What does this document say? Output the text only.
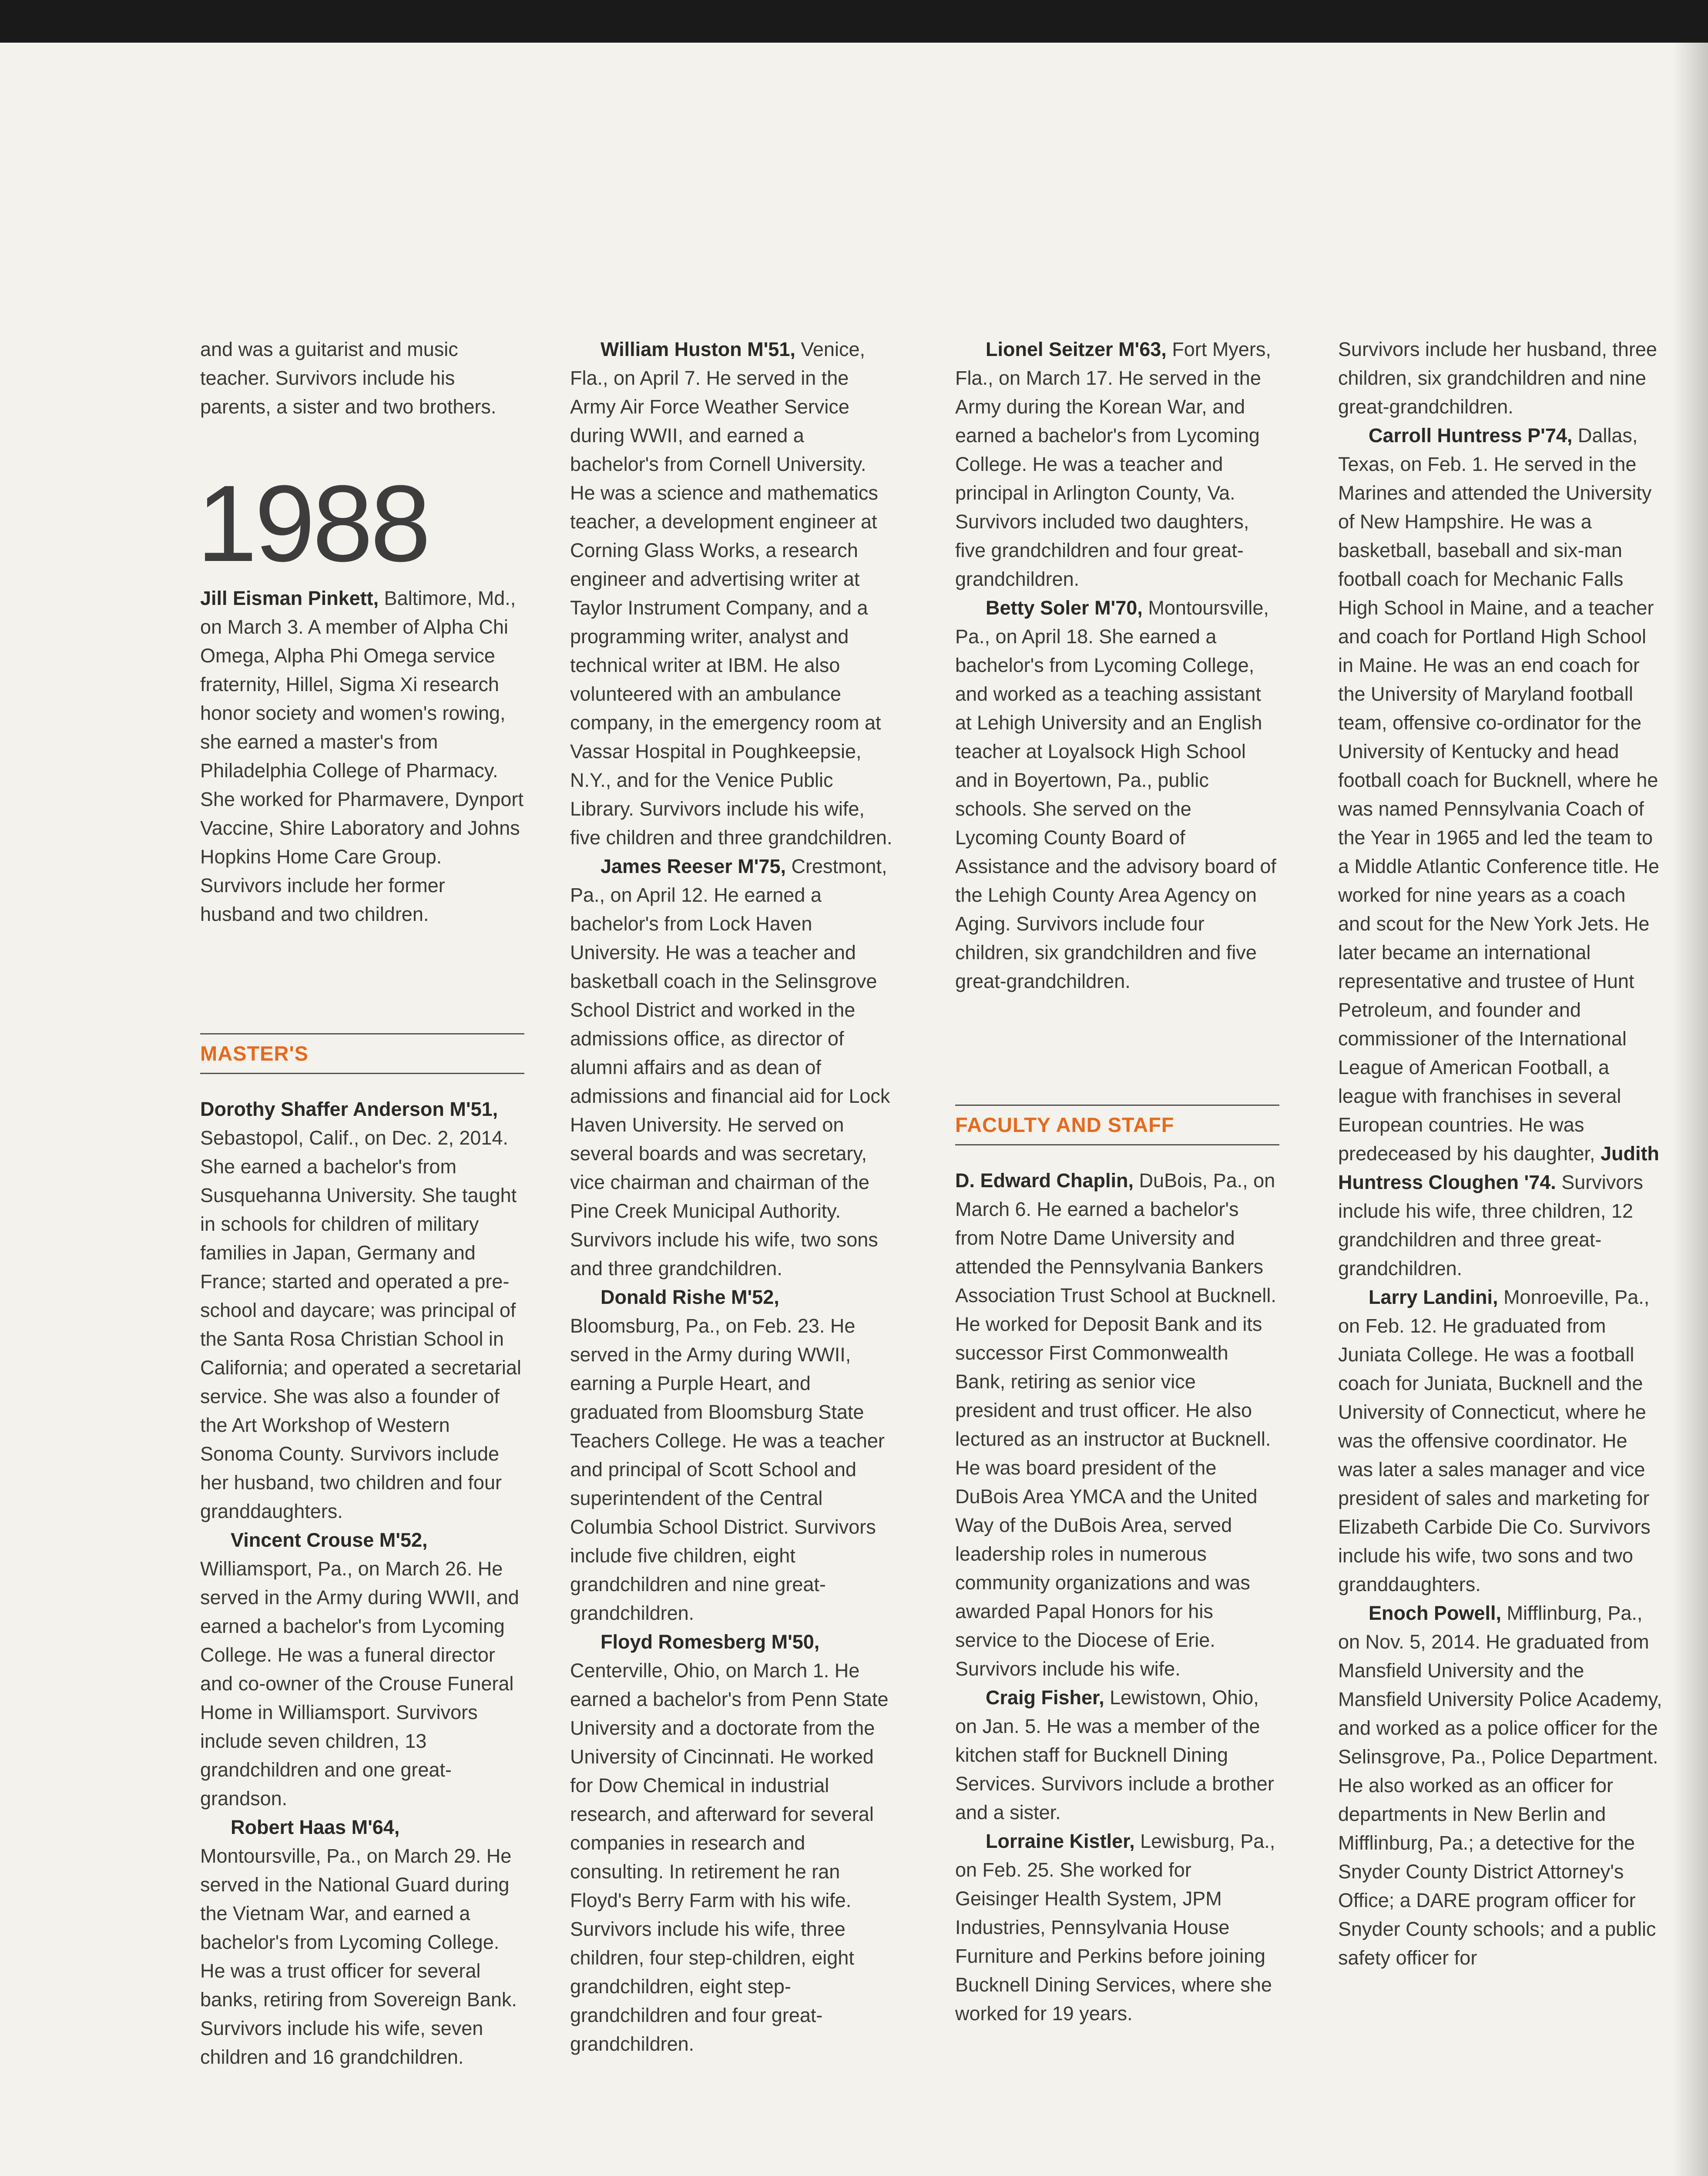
and was a guitarist and music teacher. Survivors include his parents, a sister and two brothers.

1988

Jill Eisman Pinkett, Baltimore, Md., on March 3. A member of Alpha Chi Omega, Alpha Phi Omega service fraternity, Hillel, Sigma Xi research honor society and women's rowing, she earned a master's from Philadelphia College of Pharmacy. She worked for Pharmavere, Dynport Vaccine, Shire Laboratory and Johns Hopkins Home Care Group. Survivors include her former husband and two children.

MASTER'S

Dorothy Shaffer Anderson M'51, Sebastopol, Calif., on Dec. 2, 2014. She earned a bachelor's from Susquehanna University. She taught in schools for children of military families in Japan, Germany and France; started and operated a pre-school and daycare; was principal of the Santa Rosa Christian School in California; and operated a secretarial service. She was also a founder of the Art Workshop of Western Sonoma County. Survivors include her husband, two children and four granddaughters.

Vincent Crouse M'52, Williamsport, Pa., on March 26. He served in the Army during WWII, and earned a bachelor's from Lycoming College. He was a funeral director and co-owner of the Crouse Funeral Home in Williamsport. Survivors include seven children, 13 grandchildren and one great-grandson.

Robert Haas M'64, Montoursville, Pa., on March 29. He served in the National Guard during the Vietnam War, and earned a bachelor's from Lycoming College. He was a trust officer for several banks, retiring from Sovereign Bank. Survivors include his wife, seven children and 16 grandchildren.

William Huston M'51, Venice, Fla., on April 7. He served in the Army Air Force Weather Service during WWII, and earned a bachelor's from Cornell University. He was a science and mathematics teacher, a development engineer at Corning Glass Works, a research engineer and advertising writer at Taylor Instrument Company, and a programming writer, analyst and technical writer at IBM. He also volunteered with an ambulance company, in the emergency room at Vassar Hospital in Poughkeepsie, N.Y., and for the Venice Public Library. Survivors include his wife, five children and three grandchildren.

James Reeser M'75, Crestmont, Pa., on April 12. He earned a bachelor's from Lock Haven University. He was a teacher and basketball coach in the Selinsgrove School District and worked in the admissions office, as director of alumni affairs and as dean of admissions and financial aid for Lock Haven University. He served on several boards and was secretary, vice chairman and chairman of the Pine Creek Municipal Authority. Survivors include his wife, two sons and three grandchildren.

Donald Rishe M'52, Bloomsburg, Pa., on Feb. 23. He served in the Army during WWII, earning a Purple Heart, and graduated from Bloomsburg State Teachers College. He was a teacher and principal of Scott School and superintendent of the Central Columbia School District. Survivors include five children, eight grandchildren and nine great-grandchildren.

Floyd Romesberg M'50, Centerville, Ohio, on March 1. He earned a bachelor's from Penn State University and a doctorate from the University of Cincinnati. He worked for Dow Chemical in industrial research, and afterward for several companies in research and consulting. In retirement he ran Floyd's Berry Farm with his wife. Survivors include his wife, three children, four step-children, eight grandchildren, eight step-grandchildren and four great-grandchildren.

Lionel Seitzer M'63, Fort Myers, Fla., on March 17. He served in the Army during the Korean War, and earned a bachelor's from Lycoming College. He was a teacher and principal in Arlington County, Va. Survivors included two daughters, five grandchildren and four great-grandchildren.

Betty Soler M'70, Montoursville, Pa., on April 18. She earned a bachelor's from Lycoming College, and worked as a teaching assistant at Lehigh University and an English teacher at Loyalsock High School and in Boyertown, Pa., public schools. She served on the Lycoming County Board of Assistance and the advisory board of the Lehigh County Area Agency on Aging. Survivors include four children, six grandchildren and five great-grandchildren.

FACULTY AND STAFF

D. Edward Chaplin, DuBois, Pa., on March 6. He earned a bachelor's from Notre Dame University and attended the Pennsylvania Bankers Association Trust School at Bucknell. He worked for Deposit Bank and its successor First Commonwealth Bank, retiring as senior vice president and trust officer. He also lectured as an instructor at Bucknell. He was board president of the DuBois Area YMCA and the United Way of the DuBois Area, served leadership roles in numerous community organizations and was awarded Papal Honors for his service to the Diocese of Erie. Survivors include his wife.

Craig Fisher, Lewistown, Ohio, on Jan. 5. He was a member of the kitchen staff for Bucknell Dining Services. Survivors include a brother and a sister.

Lorraine Kistler, Lewisburg, Pa., on Feb. 25. She worked for Geisinger Health System, JPM Industries, Pennsylvania House Furniture and Perkins before joining Bucknell Dining Services, where she worked for 19 years.

Survivors include her husband, three children, six grandchildren and nine great-grandchildren.

Carroll Huntress P'74, Dallas, Texas, on Feb. 1. He served in the Marines and attended the University of New Hampshire. He was a basketball, baseball and six-man football coach for Mechanic Falls High School in Maine, and a teacher and coach for Portland High School in Maine. He was an end coach for the University of Maryland football team, offensive co-ordinator for the University of Kentucky and head football coach for Bucknell, where he was named Pennsylvania Coach of the Year in 1965 and led the team to a Middle Atlantic Conference title. He worked for nine years as a coach and scout for the New York Jets. He later became an international representative and trustee of Hunt Petroleum, and founder and commissioner of the International League of American Football, a league with franchises in several European countries. He was predeceased by his daughter, Judith Huntress Cloughen '74. Survivors include his wife, three children, 12 grandchildren and three great-grandchildren.

Larry Landini, Monroeville, Pa., on Feb. 12. He graduated from Juniata College. He was a football coach for Juniata, Bucknell and the University of Connecticut, where he was the offensive coordinator. He was later a sales manager and vice president of sales and marketing for Elizabeth Carbide Die Co. Survivors include his wife, two sons and two granddaughters.

Enoch Powell, Mifflinburg, Pa., on Nov. 5, 2014. He graduated from Mansfield University and the Mansfield University Police Academy, and worked as a police officer for the Selinsgrove, Pa., Police Department. He also worked as an officer for departments in New Berlin and Mifflinburg, Pa.; a detective for the Snyder County District Attorney's Office; a DARE program officer for Snyder County schools; and a public safety officer for
